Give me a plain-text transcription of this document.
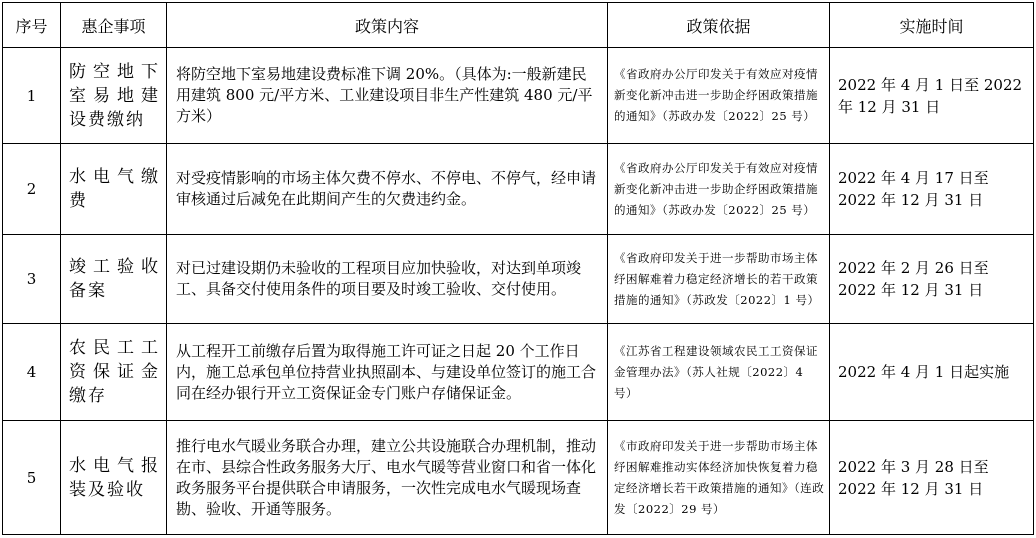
序号	惠企事项	政策内容	政策依据	实施时间
1	防空地下室易地建设费缴纳	将防空地下室易地建设费标准下调 20%。（具体为:一般新建民用建筑 800 元/平方米、工业建设项目非生产性建筑 480 元/平方米）	《省政府办公厅印发关于有效应对疫情新变化新冲击进一步助企纾困政策措施的通知》（苏政办发〔2022〕25 号）	2022 年 4 月 1 日至 2022 年 12 月 31 日
2	水电气缴费	对受疫情影响的市场主体欠费不停水、不停电、不停气，经申请审核通过后减免在此期间产生的欠费违约金。	《省政府办公厅印发关于有效应对疫情新变化新冲击进一步助企纾困政策措施的通知》（苏政办发〔2022〕25 号）	2022 年 4 月 17 日至 2022 年 12 月 31 日
3	竣工验收备案	对已过建设期仍未验收的工程项目应加快验收，对达到单项竣工、具备交付使用条件的项目要及时竣工验收、交付使用。	《省政府印发关于进一步帮助市场主体纾困解难着力稳定经济增长的若干政策措施的通知》（苏政发〔2022〕1 号）	2022 年 2 月 26 日至 2022 年 12 月 31 日
4	农民工工资保证金缴存	从工程开工前缴存后置为取得施工许可证之日起 20 个工作日内，施工总承包单位持营业执照副本、与建设单位签订的施工合同在经办银行开立工资保证金专门账户存储保证金。	《江苏省工程建设领域农民工工资保证金管理办法》（苏人社规〔2022〕4 号）	2022 年 4 月 1 日起实施
5	水电气报装及验收	推行电水气暖业务联合办理，建立公共设施联合办理机制，推动在市、县综合性政务服务大厅、电水气暖等营业窗口和省一体化政务服务平台提供联合申请服务，一次性完成电水气暖现场查勘、验收、开通等服务。	《市政府印发关于进一步帮助市场主体纾困解难推动实体经济加快恢复着力稳定经济增长若干政策措施的通知》（连政发〔2022〕29 号）	2022 年 3 月 28 日至 2022 年 12 月 31 日
